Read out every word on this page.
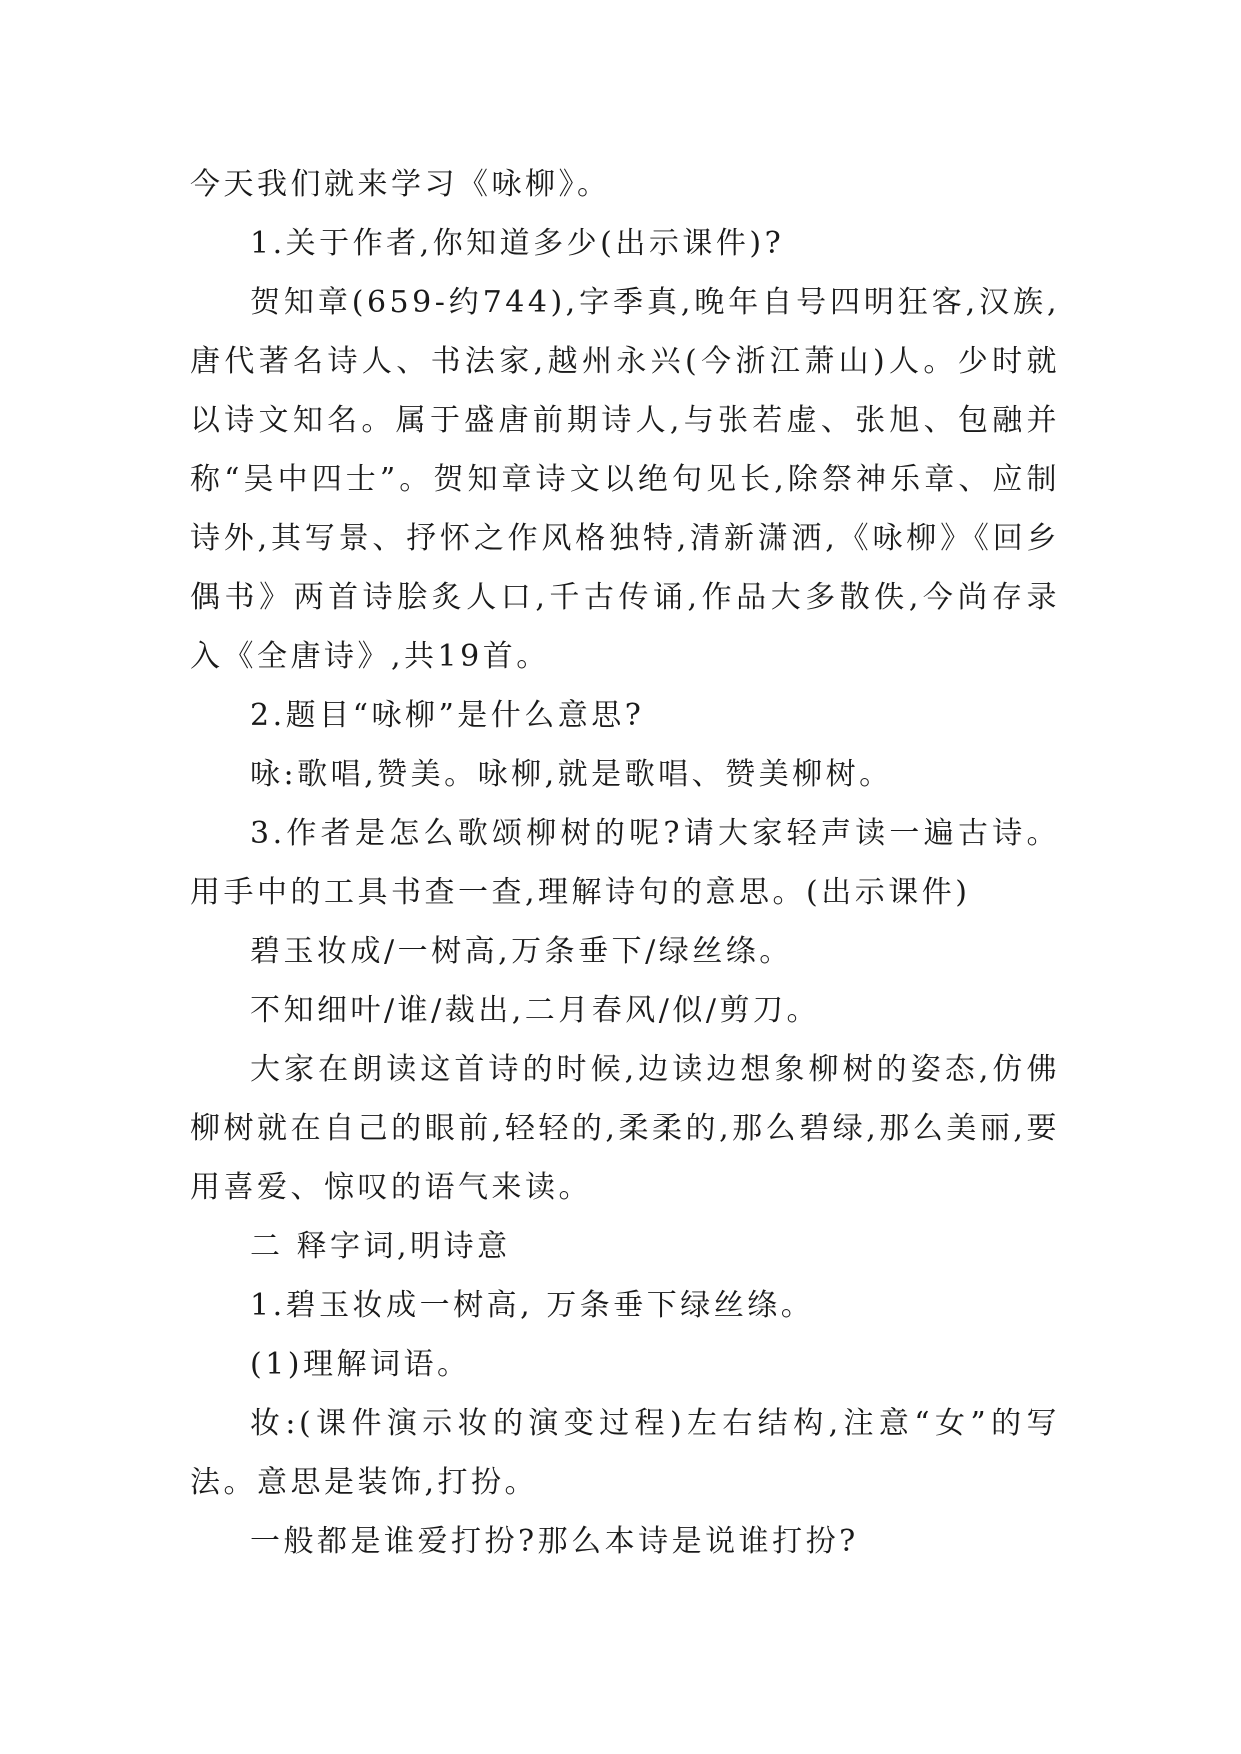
今天我们就来学习《咏柳》。

1.关于作者,你知道多少(出示课件)?

贺知章(659-约744),字季真,晚年自号四明狂客,汉族,唐代著名诗人、书法家,越州永兴(今浙江萧山)人。少时就以诗文知名。属于盛唐前期诗人,与张若虚、张旭、包融并称“吴中四士”。贺知章诗文以绝句见长,除祭神乐章、应制诗外,其写景、抒怀之作风格独特,清新潇洒,《咏柳》《回乡偶书》两首诗脍炙人口,千古传诵,作品大多散佚,今尚存录入《全唐诗》,共19首。

2.题目“咏柳”是什么意思?

咏:歌唱,赞美。咏柳,就是歌唱、赞美柳树。

3.作者是怎么歌颂柳树的呢?请大家轻声读一遍古诗。用手中的工具书查一查,理解诗句的意思。(出示课件)

碧玉妆成/一树高,万条垂下/绿丝绦。

不知细叶/谁/裁出,二月春风/似/剪刀。

大家在朗读这首诗的时候,边读边想象柳树的姿态,仿佛柳树就在自己的眼前,轻轻的,柔柔的,那么碧绿,那么美丽,要用喜爱、惊叹的语气来读。

二 释字词,明诗意

1.碧玉妆成一树高, 万条垂下绿丝绦。

(1)理解词语。

妆:(课件演示妆的演变过程)左右结构,注意“女”的写法。意思是装饰,打扮。

一般都是谁爱打扮?那么本诗是说谁打扮?
